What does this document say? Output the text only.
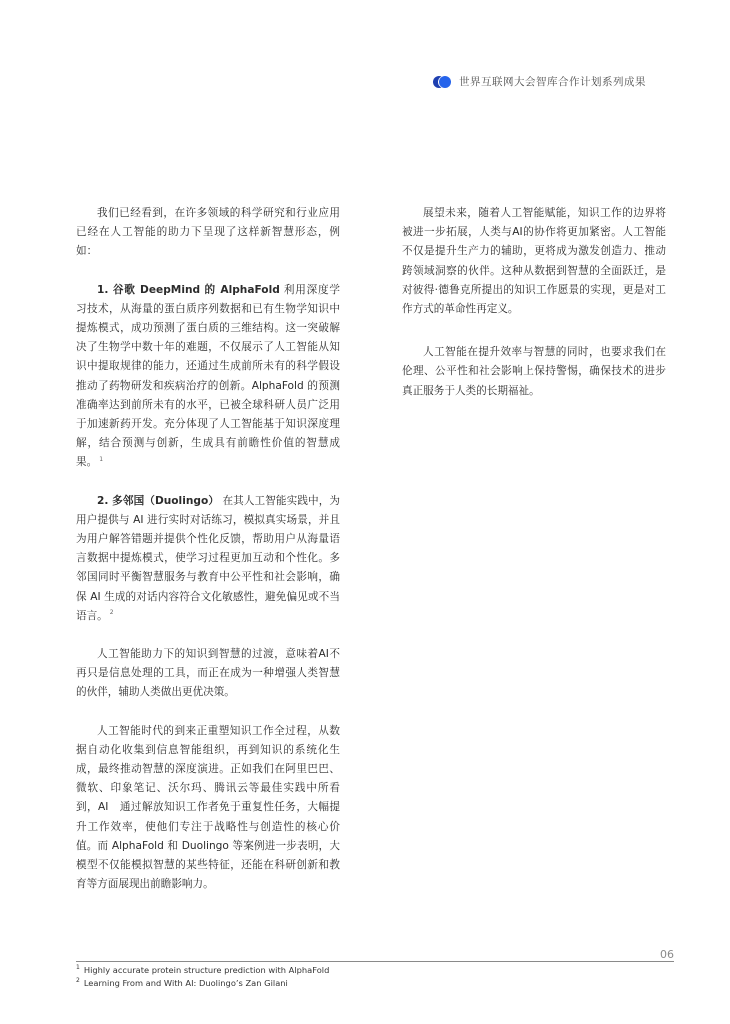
世界互联网大会智库合作计划系列成果

我们已经看到，在许多领域的科学研究和行业应用已经在人工智能的助力下呈现了这样新智慧形态，例如：

1. 谷歌 DeepMind 的 AlphaFold 利用深度学习技术，从海量的蛋白质序列数据和已有生物学知识中提炼模式，成功预测了蛋白质的三维结构。这一突破解决了生物学中数十年的难题，不仅展示了人工智能从知识中提取规律的能力，还通过生成前所未有的科学假设推动了药物研发和疾病治疗的创新。AlphaFold 的预测准确率达到前所未有的水平，已被全球科研人员广泛用于加速新药开发。充分体现了人工智能基于知识深度理解，结合预测与创新，生成具有前瞻性价值的智慧成果。 $^1$

2. 多邻国（Duolingo） 在其人工智能实践中，为用户提供与 AI 进行实时对话练习，模拟真实场景，并且为用户解答错题并提供个性化反馈，帮助用户从海量语言数据中提炼模式，使学习过程更加互动和个性化。多邻国同时平衡智慧服务与教育中公平性和社会影响，确保 AI 生成的对话内容符合文化敏感性，避免偏见或不当语言。 $^2$

人工智能助力下的知识到智慧的过渡，意味着AI不再只是信息处理的工具，而正在成为一种增强人类智慧的伙伴，辅助人类做出更优决策。

人工智能时代的到来正重塑知识工作全过程，从数据自动化收集到信息智能组织，再到知识的系统化生成，最终推动智慧的深度演进。正如我们在阿里巴巴、微软、印象笔记、沃尔玛、腾讯云等最佳实践中所看到，AI　通过解放知识工作者免于重复性任务，大幅提升工作效率，使他们专注于战略性与创造性的核心价值。而 AlphaFold 和 Duolingo 等案例进一步表明，大模型不仅能模拟智慧的某些特征，还能在科研创新和教育等方面展现出前瞻影响力。

展望未来，随着人工智能赋能，知识工作的边界将被进一步拓展，人类与AI的协作将更加紧密。人工智能不仅是提升生产力的辅助，更将成为激发创造力、推动跨领域洞察的伙伴。这种从数据到智慧的全面跃迁，是对彼得·德鲁克所提出的知识工作愿景的实现，更是对工作方式的革命性再定义。

人工智能在提升效率与智慧的同时，也要求我们在伦理、公平性和社会影响上保持警惕，确保技术的进步真正服务于人类的长期福祉。

06
$^1$ Highly accurate protein structure prediction with AlphaFold
$^2$ Learning From and With AI: Duolingo’s Zan Gilani
